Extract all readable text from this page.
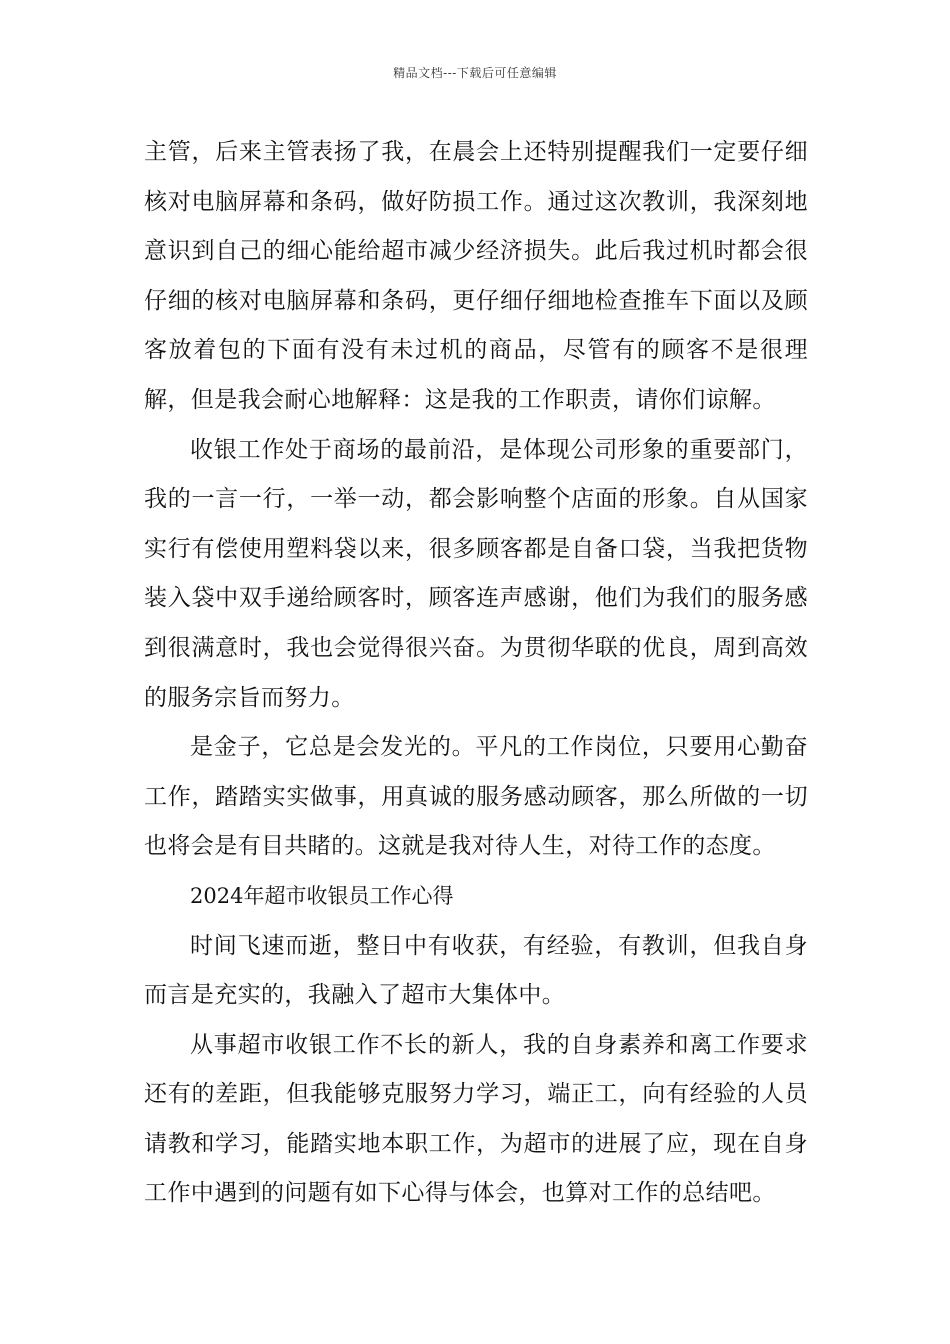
精品文档---下载后可任意编辑

主管，后来主管表扬了我，在晨会上还特别提醒我们一定要仔细核对电脑屏幕和条码，做好防损工作。通过这次教训，我深刻地意识到自己的细心能给超市减少经济损失。此后我过机时都会很仔细的核对电脑屏幕和条码，更仔细仔细地检查推车下面以及顾客放着包的下面有没有未过机的商品，尽管有的顾客不是很理解，但是我会耐心地解释：这是我的工作职责，请你们谅解。

收银工作处于商场的最前沿，是体现公司形象的重要部门，我的一言一行，一举一动，都会影响整个店面的形象。自从国家实行有偿使用塑料袋以来，很多顾客都是自备口袋，当我把货物装入袋中双手递给顾客时，顾客连声感谢，他们为我们的服务感到很满意时，我也会觉得很兴奋。为贯彻华联的优良，周到高效的服务宗旨而努力。

是金子，它总是会发光的。平凡的工作岗位，只要用心勤奋工作，踏踏实实做事，用真诚的服务感动顾客，那么所做的一切也将会是有目共睹的。这就是我对待人生，对待工作的态度。

2024年超市收银员工作心得

时间飞速而逝，整日中有收获，有经验，有教训，但我自身而言是充实的，我融入了超市大集体中。

从事超市收银工作不长的新人，我的自身素养和离工作要求还有的差距，但我能够克服努力学习，端正工，向有经验的人员请教和学习，能踏实地本职工作，为超市的进展了应，现在自身工作中遇到的问题有如下心得与体会，也算对工作的总结吧。
